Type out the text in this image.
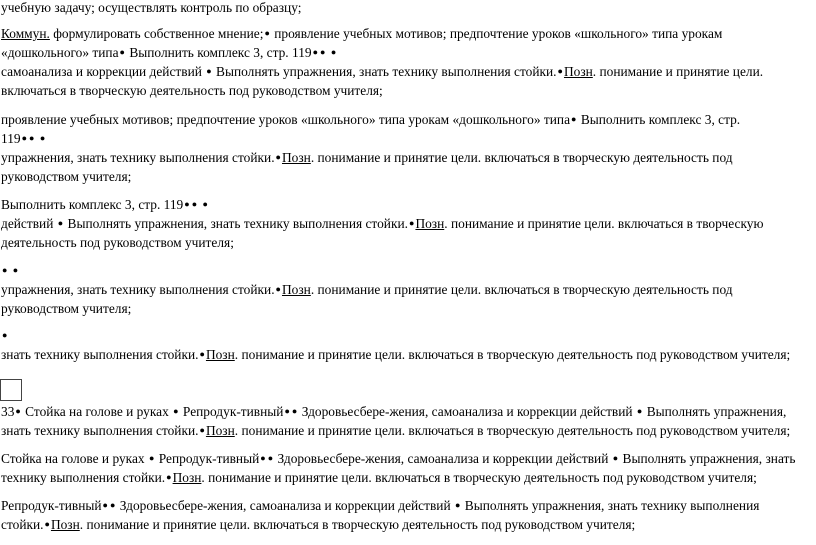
учебную задачу; осуществлять контроль по образцу;
Коммун. формулировать собственное мнение;● проявление учебных мотивов; предпочтение уроков «школьного» типа урокам
«дошкольного» типа● Выполнить комплекс 3, стр. 119● ● ●
самоанализа и коррекции действий ● Выполнять упражнения, знать технику выполнения стойки.●Позн. понимание и принятие цели.
включаться в творческую деятельность под руководством учителя;
проявление учебных мотивов; предпочтение уроков «школьного» типа урокам «дошкольного» типа● Выполнить комплекс 3, стр.
119● ● ●
упражнения, знать технику выполнения стойки.●Позн. понимание и принятие цели. включаться в творческую деятельность под
руководством учителя;
Выполнить комплекс 3, стр. 119● ● ●
действий ● Выполнять упражнения, знать технику выполнения стойки.●Позн. понимание и принятие цели. включаться в творческую
деятельность под руководством учителя;
● ●
упражнения, знать технику выполнения стойки.●Позн. понимание и принятие цели. включаться в творческую деятельность под
руководством учителя;
●
знать технику выполнения стойки.●Позн. понимание и принятие цели. включаться в творческую деятельность под руководством учителя;
33● Стойка на голове и руках ● Репродук-тивный● ● Здоровьесбере-жения, самоанализа и коррекции действий ● Выполнять упражнения,
знать технику выполнения стойки.●Позн. понимание и принятие цели. включаться в творческую деятельность под руководством учителя;
Стойка на голове и руках ● Репродук-тивный● ● Здоровьесбере-жения, самоанализа и коррекции действий ● Выполнять упражнения, знать
технику выполнения стойки.●Позн. понимание и принятие цели. включаться в творческую деятельность под руководством учителя;
Репродук-тивный● ● Здоровьесбере-жения, самоанализа и коррекции действий ● Выполнять упражнения, знать технику выполнения
стойки.●Позн. понимание и принятие цели. включаться в творческую деятельность под руководством учителя;
